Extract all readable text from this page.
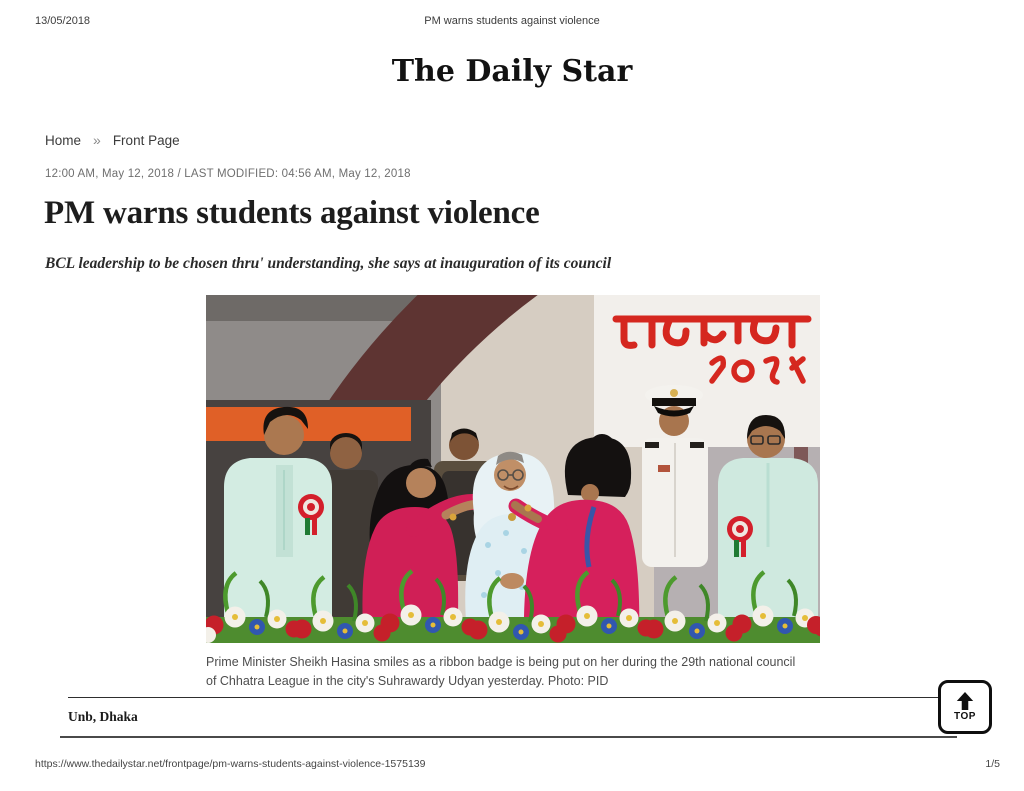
13/05/2018	PM warns students against violence
The Daily Star
Home » Front Page
12:00 AM, May 12, 2018 / LAST MODIFIED: 04:56 AM, May 12, 2018
PM warns students against violence
BCL leadership to be chosen thru' understanding, she says at inauguration of its council
Prime Minister Sheikh Hasina smiles as a ribbon badge is being put on her during the 29th national council of Chhatra League in the city's Suhrawardy Udyan yesterday. Photo: PID
Unb, Dhaka	TOP
https://www.thedailystar.net/frontpage/pm-warns-students-against-violence-1575139	1/5
